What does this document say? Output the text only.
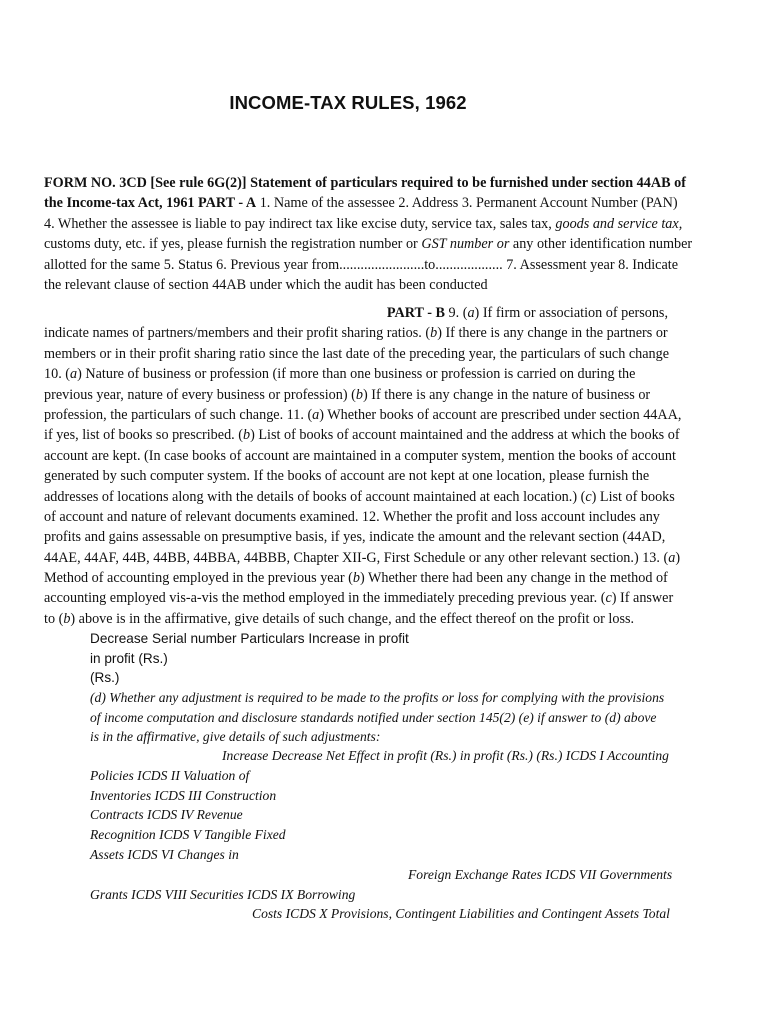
INCOME-TAX RULES, 1962
FORM NO. 3CD [See rule 6G(2)] Statement of particulars required to be furnished under section 44AB of
the Income-tax Act, 1961 PART - A 1. Name of the assessee 2. Address 3. Permanent Account Number (PAN)
4. Whether the assessee is liable to pay indirect tax like excise duty, service tax, sales tax, goods and service tax,
customs duty, etc. if yes, please furnish the registration number or GST number or any other identification number
allotted for the same 5. Status 6. Previous year from........................to................... 7. Assessment year 8. Indicate
the relevant clause of section 44AB under which the audit has been conducted
PART - B 9. (a) If firm or association of persons,
indicate names of partners/members and their profit sharing ratios. (b) If there is any change in the partners or
members or in their profit sharing ratio since the last date of the preceding year, the particulars of such change
10. (a) Nature of business or profession (if more than one business or profession is carried on during the
previous year, nature of every business or profession) (b) If there is any change in the nature of business or
profession, the particulars of such change. 11. (a) Whether books of account are prescribed under section 44AA,
if yes, list of books so prescribed. (b) List of books of account maintained and the address at which the books of
account are kept. (In case books of account are maintained in a computer system, mention the books of account
generated by such computer system. If the books of account are not kept at one location, please furnish the
addresses of locations along with the details of books of account maintained at each location.) (c) List of books
of account and nature of relevant documents examined. 12. Whether the profit and loss account includes any
profits and gains assessable on presumptive basis, if yes, indicate the amount and the relevant section (44AD,
44AE, 44AF, 44B, 44BB, 44BBA, 44BBB, Chapter XII-G, First Schedule or any other relevant section.) 13. (a)
Method of accounting employed in the previous year (b) Whether there had been any change in the method of
accounting employed vis-a-vis the method employed in the immediately preceding previous year. (c) If answer
to (b) above is in the affirmative, give details of such change, and the effect thereof on the profit or loss.
Decrease Serial number Particulars Increase in profit
in profit (Rs.)
(Rs.)
(d) Whether any adjustment is required to be made to the profits or loss for complying with the provisions
of income computation and disclosure standards notified under section 145(2) (e) if answer to (d) above
is in the affirmative, give details of such adjustments:
Increase Decrease Net Effect in profit (Rs.) in profit (Rs.) (Rs.) ICDS I Accounting
Policies ICDS II Valuation of
Inventories ICDS III Construction
Contracts ICDS IV Revenue
Recognition ICDS V Tangible Fixed
Assets ICDS VI Changes in
Foreign Exchange Rates ICDS VII Governments
Grants ICDS VIII Securities ICDS IX Borrowing
Costs ICDS X Provisions, Contingent Liabilities and Contingent Assets Total
